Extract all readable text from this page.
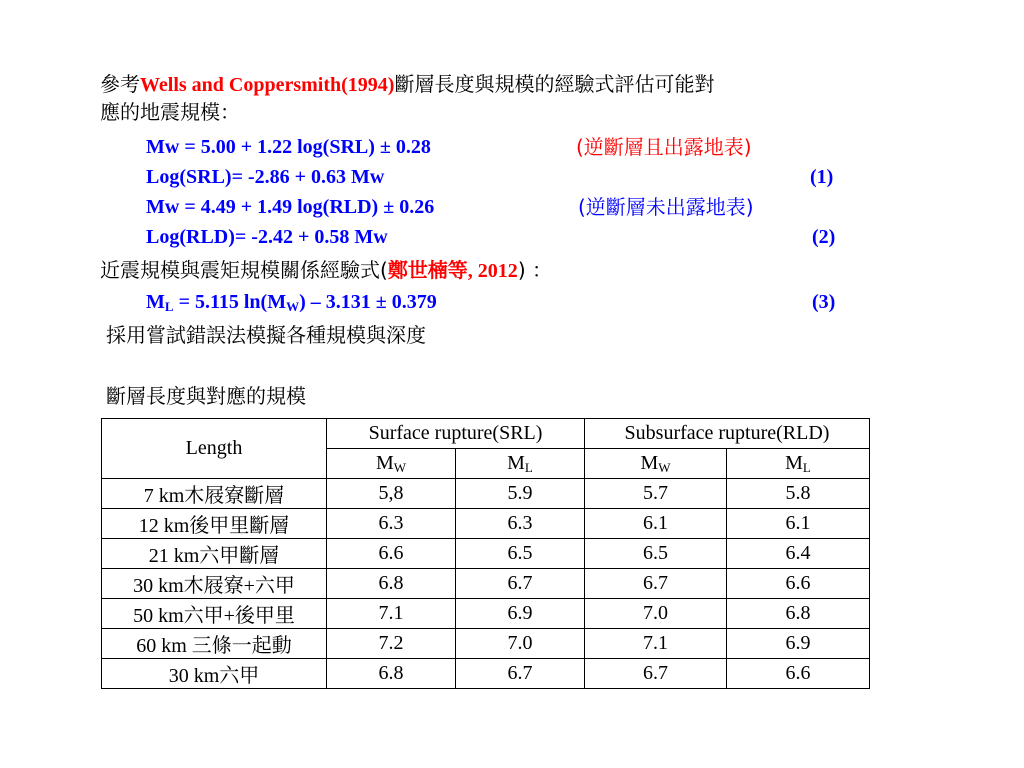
參考Wells and Coppersmith(1994)斷層長度與規模的經驗式評估可能對
應的地震規模：
Mw = 5.00 + 1.22 log(SRL) ± 0.28	(逆斷層且出露地表)
Log(SRL)= -2.86 + 0.63 Mw	(1)
Mw = 4.49 + 1.49 log(RLD) ± 0.26	(逆斷層未出露地表)
Log(RLD)= -2.42 + 0.58 Mw	(2)
近震規模與震矩規模關係經驗式(鄭世楠等, 2012) ：
$M_L = 5.115$ $\ln(M_W) - 3.131 \pm 0.379$	(3)
採用嘗試錯誤法模擬各種規模與深度
斷層長度與對應的規模
Length	Surface rupture(SRL)		Subsurface rupture(RLD)	
	$M_W$	$M_L$	$M_W$	$M_L$
7 km木屐寮斷層	5,8	5.9	5.7	5.8
12 km後甲里斷層	6.3	6.3	6.1	6.1
21 km六甲斷層	6.6	6.5	6.5	6.4
30 km木屐寮+六甲	6.8	6.7	6.7	6.6
50 km六甲+後甲里	7.1	6.9	7.0	6.8
60 km 三條一起動	7.2	7.0	7.1	6.9
30 km六甲	6.8	6.7	6.7	6.6
